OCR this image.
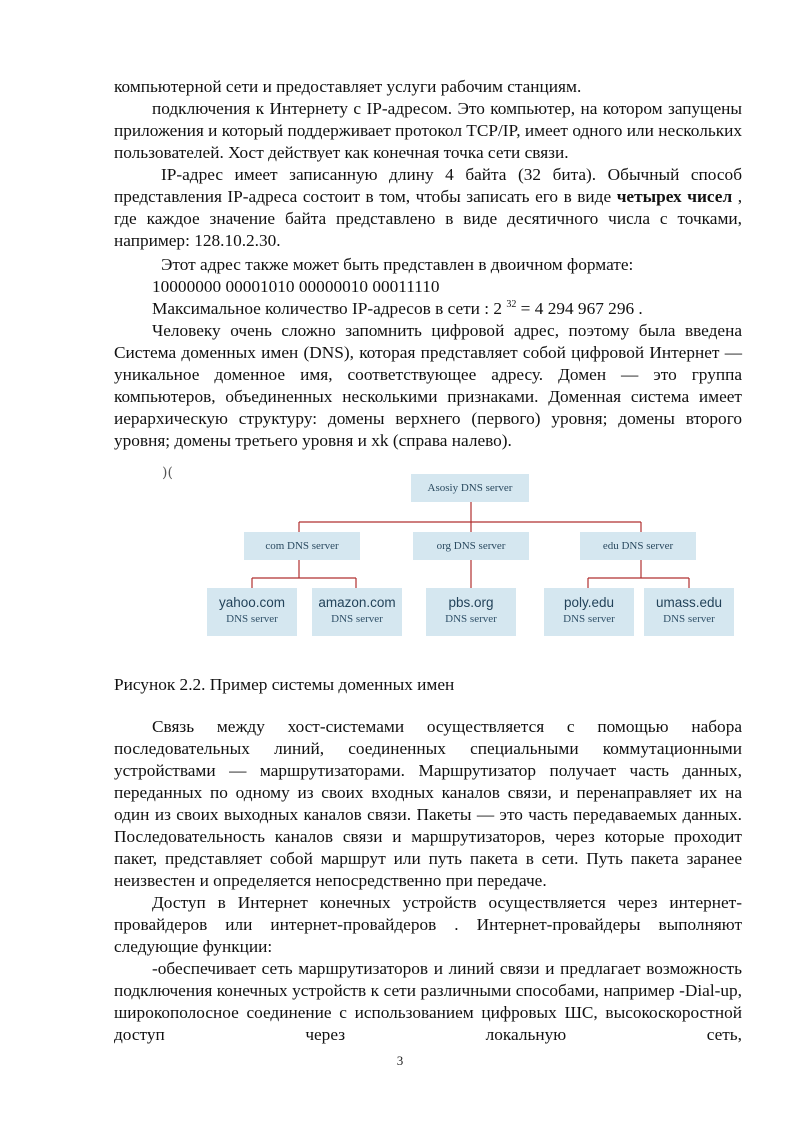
компьютерной сети и предоставляет услуги рабочим станциям.

подключения к Интернету с IP-адресом. Это компьютер, на котором запущены приложения и который поддерживает протокол TCP/IP, имеет одного или нескольких пользователей. Хост действует как конечная точка сети связи.

IP-адрес имеет записанную длину 4 байта (32 бита). Обычный способ представления IP-адреса состоит в том, чтобы записать его в виде четырех чисел , где каждое значение байта представлено в виде десятичного числа с точками, например: 128.10.2.30.

Этот адрес также может быть представлен в двоичном формате:

10000000 00001010 00000010 00011110

Максимальное количество IP-адресов в сети : 2 $^{32}$ = 4 294 967 296 .

Человеку очень сложно запомнить цифровой адрес, поэтому была введена Система доменных имен (DNS), которая представляет собой цифровой Интернет — уникальное доменное имя, соответствующее адресу. Домен — это группа компьютеров, объединенных несколькими признаками. Доменная система имеет иерархическую структуру: домены верхнего (первого) уровня; домены второго уровня; домены третьего уровня и xk (справа налево).

)(
Asosiy DNS server
com DNS server	org DNS server	edu DNS server
yahoo.com
DNS server
amazon.com
DNS server
pbs.org
DNS server
poly.edu
DNS server
umass.edu
DNS server

Рисунок 2.2. Пример системы доменных имен

Связь между хост-системами осуществляется с помощью набора последовательных линий, соединенных специальными коммутационными устройствами — маршрутизаторами. Маршрутизатор получает часть данных, переданных по одному из своих входных каналов связи, и перенаправляет их на один из своих выходных каналов связи. Пакеты — это часть передаваемых данных. Последовательность каналов связи и маршрутизаторов, через которые проходит пакет, представляет собой маршрут или путь пакета в сети. Путь пакета заранее неизвестен и определяется непосредственно при передаче.

Доступ в Интернет конечных устройств осуществляется через интернет-провайдеров или интернет-провайдеров . Интернет-провайдеры выполняют следующие функции:

-обеспечивает сеть маршрутизаторов и линий связи и предлагает возможность подключения конечных устройств к сети различными способами, например -Dial-up, широкополосное соединение с использованием цифровых ШС, высокоскоростной доступ через локальную сеть,

3
